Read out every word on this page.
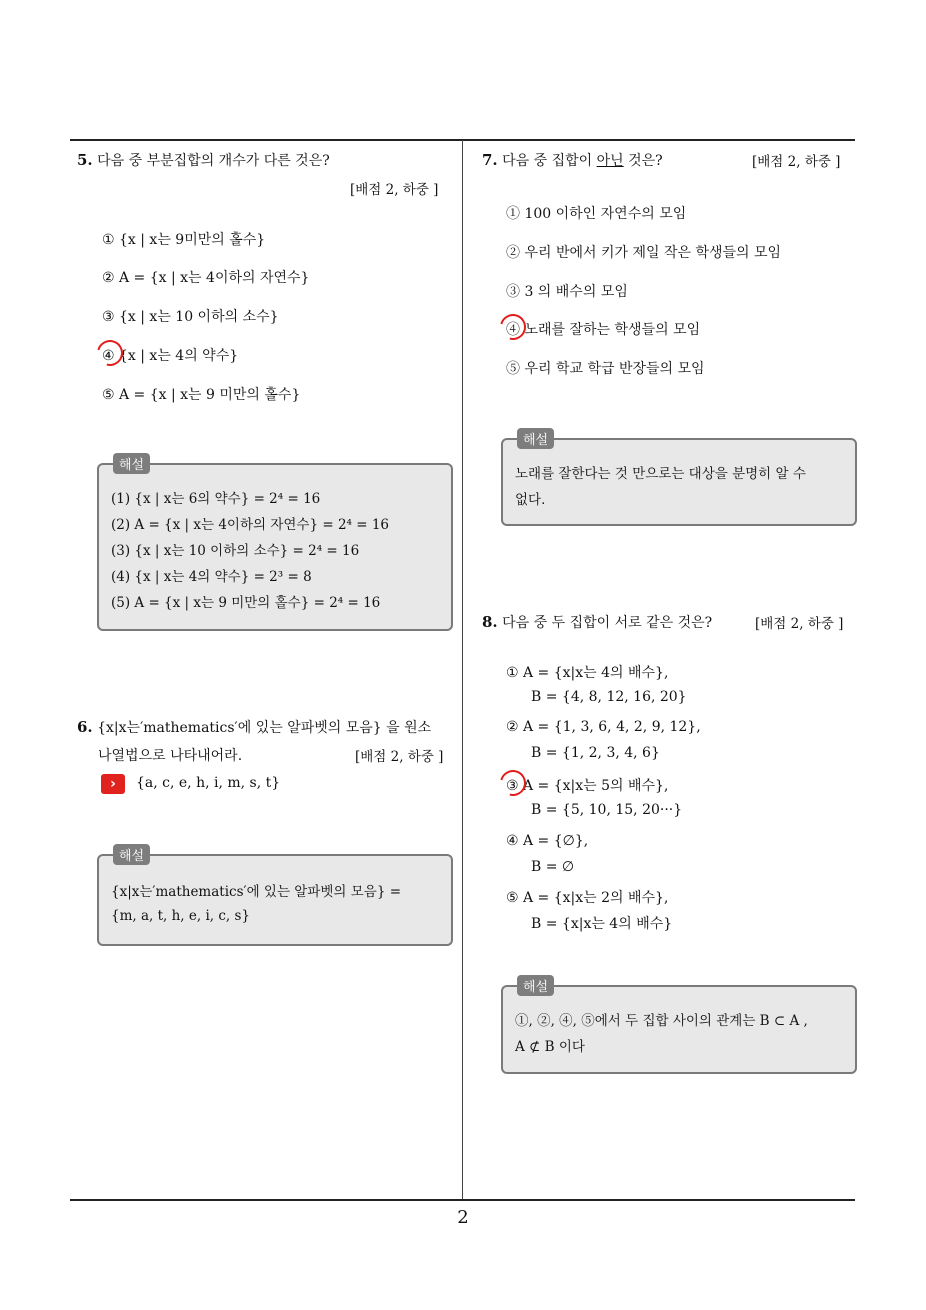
5. 다음 중 부분집합의 개수가 다른 것은?
[배점 2, 하중 ]
① {x | x는 9미만의 홀수}
② A = {x | x는 4이하의 자연수}
③ {x | x는 10 이하의 소수}
④ {x | x는 4의 약수}
⑤ A = {x | x는 9 미만의 홀수}
해설
(1) {x | x는 6의 약수} = 2⁴ = 16
(2) A = {x | x는 4이하의 자연수} = 2⁴ = 16
(3) {x | x는 10 이하의 소수} = 2⁴ = 16
(4) {x | x는 4의 약수} = 2³ = 8
(5) A = {x | x는 9 미만의 홀수} = 2⁴ = 16
6. {x|x는′mathematics′에 있는 알파벳의 모음} 을 원소
나열법으로 나타내어라.	[배점 2, 하중 ]
›	{a, c, e, h, i, m, s, t}
해설
{x|x는′mathematics′에 있는 알파벳의 모음} =
{m, a, t, h, e, i, c, s}
7. 다음 중 집합이 아닌 것은?	[배점 2, 하중 ]
① 100 이하인 자연수의 모임
② 우리 반에서 키가 제일 작은 학생들의 모임
③ 3 의 배수의 모임
④ 노래를 잘하는 학생들의 모임
⑤ 우리 학교 학급 반장들의 모임
해설
노래를 잘한다는 것 만으로는 대상을 분명히 알 수
없다.
8. 다음 중 두 집합이 서로 같은 것은?	[배점 2, 하중 ]
① A = {x|x는 4의 배수},
B = {4, 8, 12, 16, 20}
② A = {1, 3, 6, 4, 2, 9, 12},
B = {1, 2, 3, 4, 6}
③ A = {x|x는 5의 배수},
B = {5, 10, 15, 20···}
④ A = {∅},
B = ∅
⑤ A = {x|x는 2의 배수},
B = {x|x는 4의 배수}
해설
①, ②, ④, ⑤에서 두 집합 사이의 관계는 B ⊂ A ,
A ⊄ B 이다
2
